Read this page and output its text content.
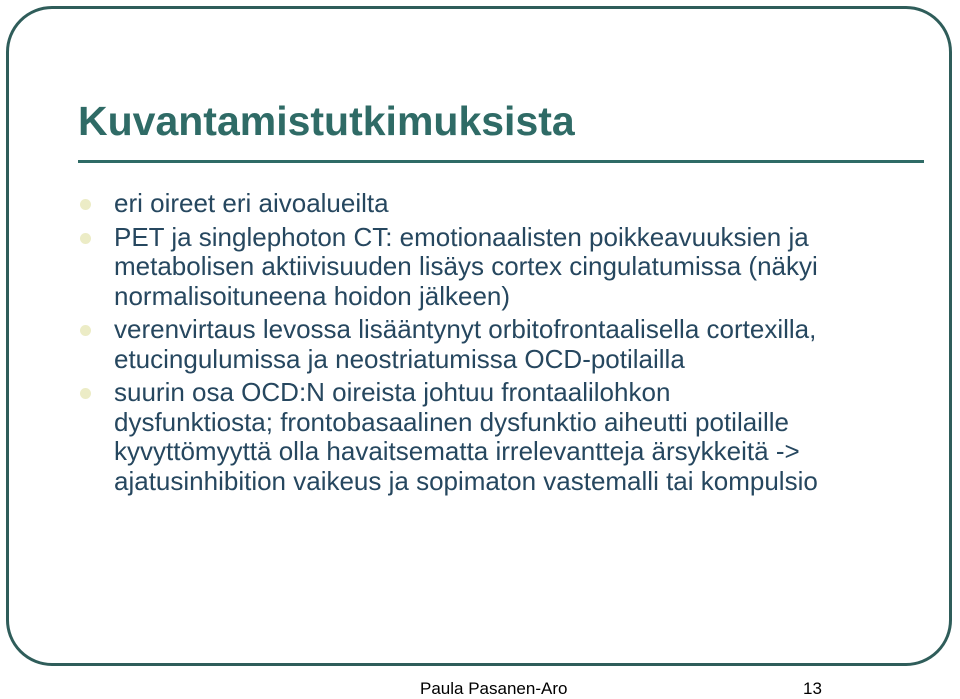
Kuvantamistutkimuksista
eri oireet eri aivoalueilta
PET ja singlephoton CT: emotionaalisten poikkeavuuksien ja metabolisen aktiivisuuden lisäys cortex cingulatumissa (näkyi normalisoituneena hoidon jälkeen)
verenvirtaus levossa lisääntynyt orbitofrontaalisella cortexilla, etucingulumissa ja neostriatumissa OCD-potilailla
suurin osa OCD:N oireista johtuu frontaalilohkon dysfunktiosta; frontobasaalinen dysfunktio aiheutti potilaille kyvyttömyyttä olla havaitsematta irrelevantteja ärsykkeitä -> ajatusinhibition vaikeus ja sopimaton vastemalli tai kompulsio
Paula Pasanen-Aro	13
